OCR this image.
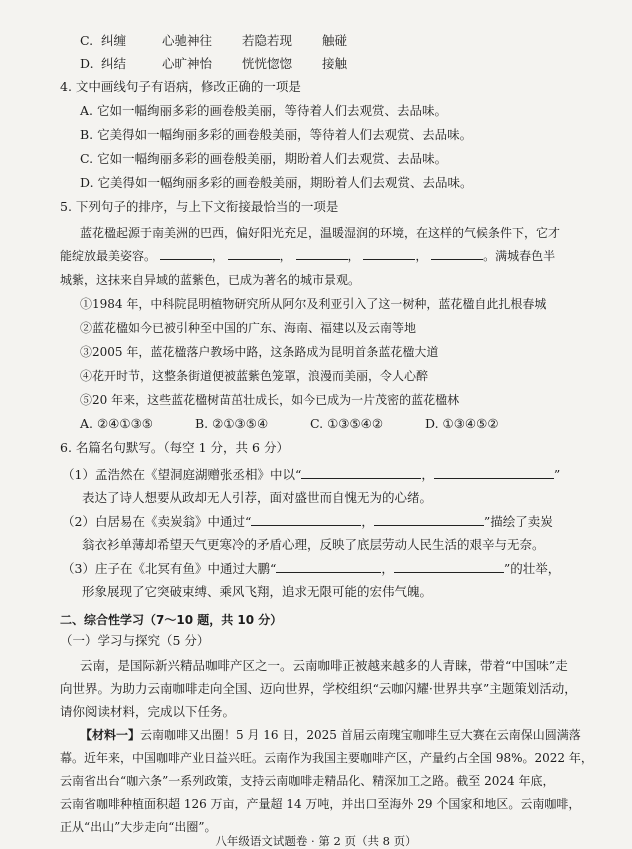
C. 纠缠	心驰神往 若隐若现 触碰
D. 纠结	心旷神怡 恍恍惚惚 接触
4. 文中画线句子有语病，修改正确的一项是
A. 它如一幅绚丽多彩的画卷般美丽，等待着人们去观赏、去品味。
B. 它美得如一幅绚丽多彩的画卷般美丽，等待着人们去观赏、去品味。
C. 它如一幅绚丽多彩的画卷般美丽，期盼着人们去观赏、去品味。
D. 它美得如一幅绚丽多彩的画卷般美丽，期盼着人们去观赏、去品味。
5. 下列句子的排序，与上下文衔接最恰当的一项是
蓝花楹起源于南美洲的巴西，偏好阳光充足，温暖湿润的环境，在这样的气候条件下，它才
能绽放最美姿容。	，	，	，	，	。满城春色半
城紫，这抹来自异域的蓝紫色，已成为著名的城市景观。
①1984 年，中科院昆明植物研究所从阿尔及利亚引入了这一树种，蓝花楹自此扎根春城
②蓝花楹如今已被引种至中国的广东、海南、福建以及云南等地
③2005 年，蓝花楹落户教场中路，这条路成为昆明首条蓝花楹大道
④花开时节，这整条街道便被蓝紫色笼罩，浪漫而美丽，令人心醉
⑤20 年来，这些蓝花楹树苗茁壮成长，如今已成为一片茂密的蓝花楹林
A. ②④①③⑤	B. ②①③⑤④	C. ①③⑤④②	D. ①③④⑤②
6. 名篇名句默写。（每空 1 分，共 6 分）
（1）孟浩然在《望洞庭湖赠张丞相》中以“	，	”
表达了诗人想要从政却无人引荐，面对盛世而自愧无为的心绪。
（2）白居易在《卖炭翁》中通过“	，	”描绘了卖炭
翁衣衫单薄却希望天气更寒冷的矛盾心理，反映了底层劳动人民生活的艰辛与无奈。
（3）庄子在《北冥有鱼》中通过大鹏“	，	”的壮举，
形象展现了它突破束缚、乘风飞翔，追求无限可能的宏伟气魄。
二、综合性学习（7～10 题，共 10 分）
（一）学习与探究（5 分）
云南，是国际新兴精品咖啡产区之一。云南咖啡正被越来越多的人青睐，带着“中国味”走
向世界。为助力云南咖啡走向全国、迈向世界，学校组织“云咖闪耀·世界共享”主题策划活动，
请你阅读材料，完成以下任务。
【材料一】云南咖啡又出圈！5 月 16 日，2025 首届云南瑰宝咖啡生豆大赛在云南保山圆满落
幕。近年来，中国咖啡产业日益兴旺。云南作为我国主要咖啡产区，产量约占全国 98%。2022 年，
云南省出台“咖六条”一系列政策，支持云南咖啡走精品化、精深加工之路。截至 2024 年底，
云南省咖啡种植面积超 126 万亩，产量超 14 万吨，并出口至海外 29 个国家和地区。云南咖啡，
正从“出山”大步走向“出圈”。
八年级语文试题卷 · 第 2 页（共 8 页）
